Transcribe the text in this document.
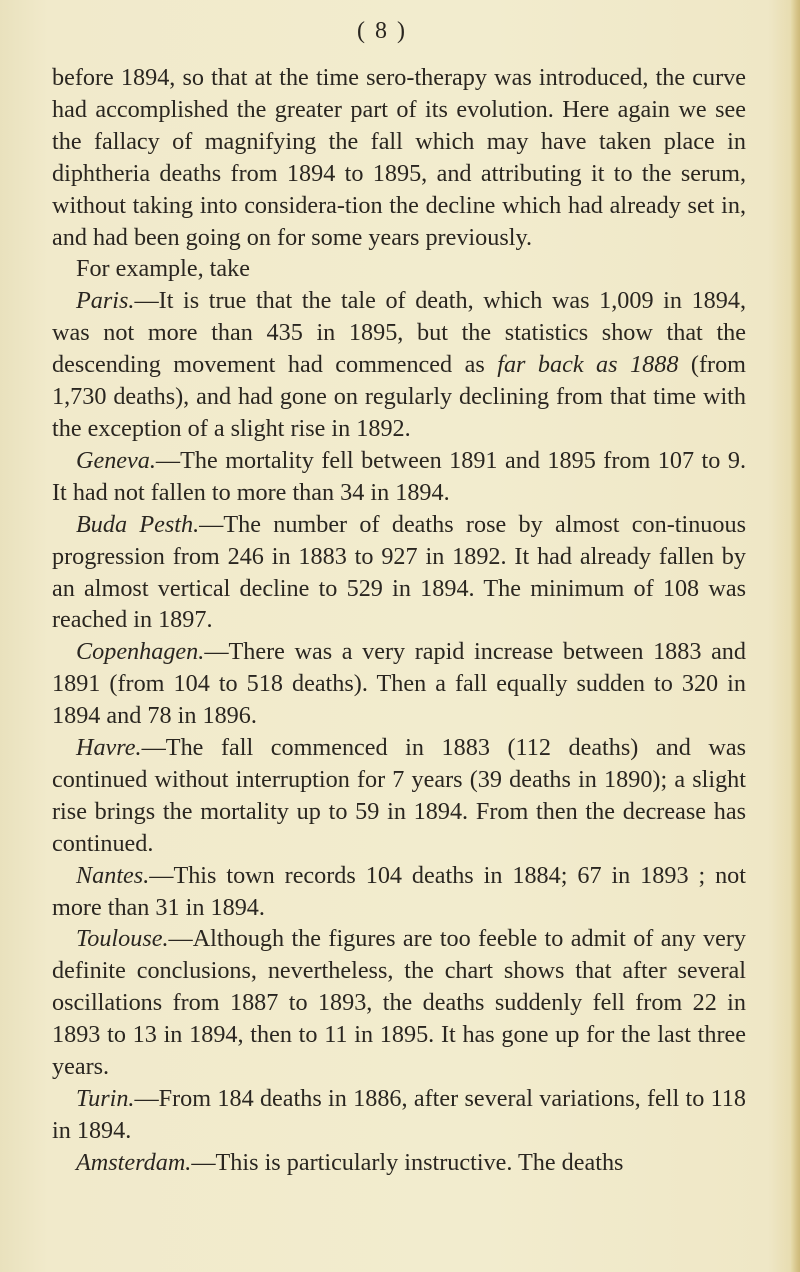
( 8 )

before 1894, so that at the time sero-therapy was introduced, the curve had accomplished the greater part of its evolution. Here again we see the fallacy of magnifying the fall which may have taken place in diphtheria deaths from 1894 to 1895, and attributing it to the serum, without taking into considera-tion the decline which had already set in, and had been going on for some years previously.

For example, take

Paris.—It is true that the tale of death, which was 1,009 in 1894, was not more than 435 in 1895, but the statistics show that the descending movement had commenced as far back as 1888 (from 1,730 deaths), and had gone on regularly declining from that time with the exception of a slight rise in 1892.

Geneva.—The mortality fell between 1891 and 1895 from 107 to 9. It had not fallen to more than 34 in 1894.

Buda Pesth.—The number of deaths rose by almost con-tinuous progression from 246 in 1883 to 927 in 1892. It had already fallen by an almost vertical decline to 529 in 1894. The minimum of 108 was reached in 1897.

Copenhagen.—There was a very rapid increase between 1883 and 1891 (from 104 to 518 deaths). Then a fall equally sudden to 320 in 1894 and 78 in 1896.

Havre.—The fall commenced in 1883 (112 deaths) and was continued without interruption for 7 years (39 deaths in 1890); a slight rise brings the mortality up to 59 in 1894. From then the decrease has continued.

Nantes.—This town records 104 deaths in 1884; 67 in 1893 ; not more than 31 in 1894.

Toulouse.—Although the figures are too feeble to admit of any very definite conclusions, nevertheless, the chart shows that after several oscillations from 1887 to 1893, the deaths suddenly fell from 22 in 1893 to 13 in 1894, then to 11 in 1895. It has gone up for the last three years.

Turin.—From 184 deaths in 1886, after several variations, fell to 118 in 1894.

Amsterdam.—This is particularly instructive. The deaths
